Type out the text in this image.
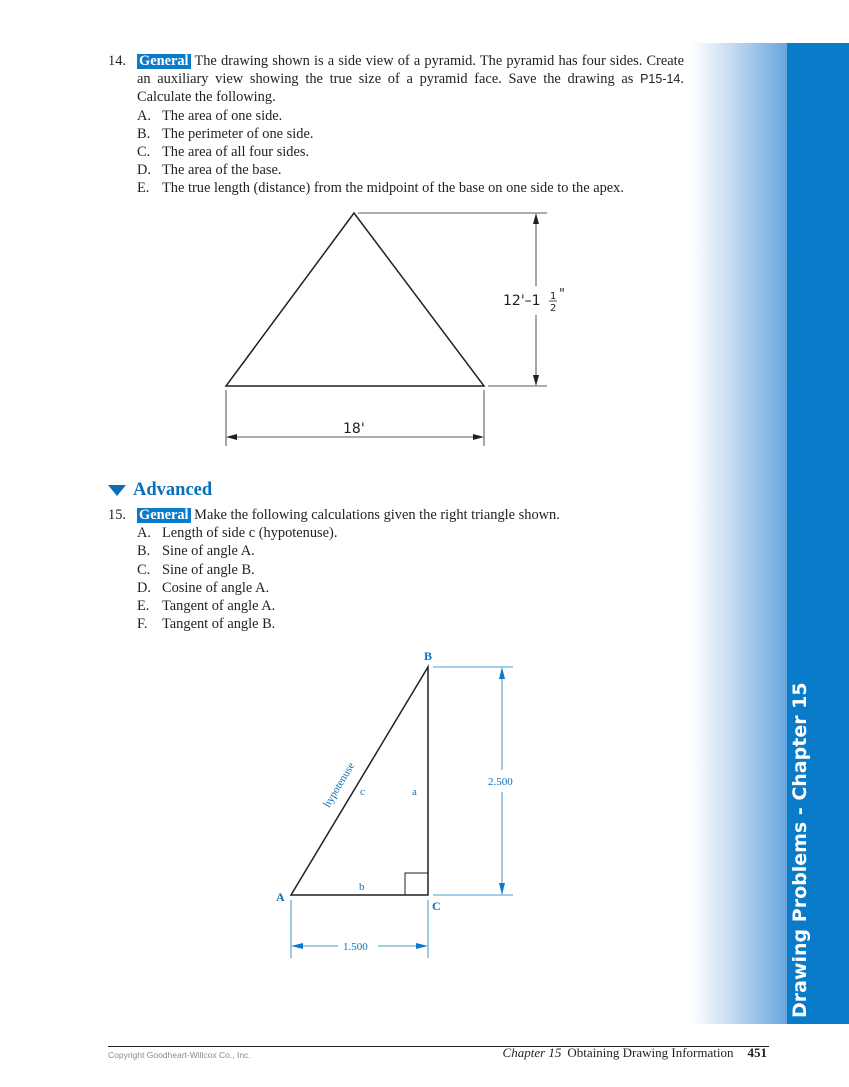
Drawing Problems - Chapter 15
14. General The drawing shown is a side view of a pyramid. The pyramid has four sides. Create an auxiliary view showing the true size of a pyramid face. Save the drawing as P15-14. Calculate the following.
A. The area of one side.
B. The perimeter of one side.
C. The area of all four sides.
D. The area of the base.
E. The true length (distance) from the midpoint of the base on one side to the apex.
12'–1 1
2
"
18'
Advanced
15. General Make the following calculations given the right triangle shown.
A. Length of side c (hypotenuse).
B. Sine of angle A.
C. Sine of angle B.
D. Cosine of angle A.
E. Tangent of angle A.
F.	Tangent of angle B.
B
A
C
a
b
c
hypotenuse	2.500
1.500
Copyright Goodheart-Willcox Co., Inc.	Chapter 15 Obtaining Drawing Information 451
